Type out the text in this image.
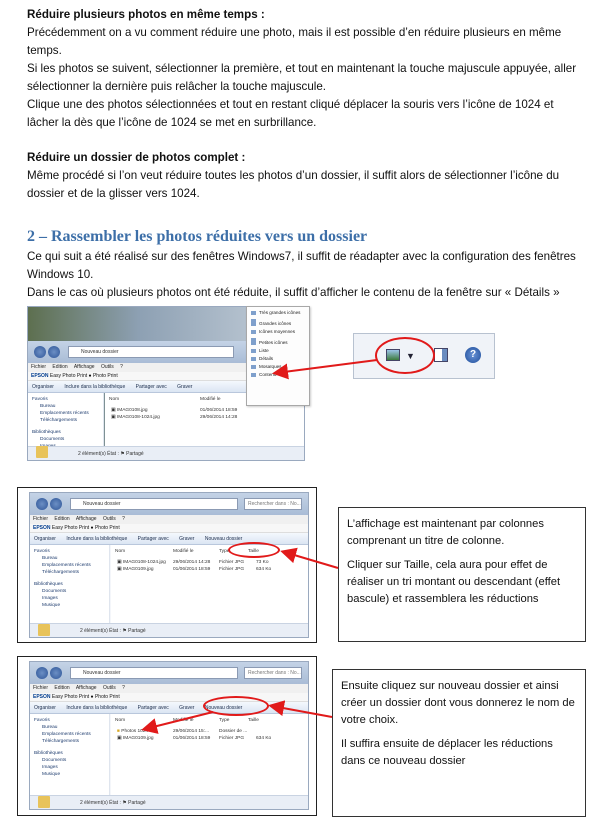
Réduire plusieurs photos en même temps :
Précédemment on a vu comment réduire une photo, mais il est possible d’en réduire plusieurs en même
temps.
Si les photos se suivent, sélectionner la première, et tout en maintenant la touche majuscule appuyée, aller
sélectionner la dernière puis relâcher la touche majuscule.
Clique une des photos sélectionnées et tout en restant cliqué déplacer la souris vers l’icône de 1024 et
lâcher la dès que l’icône de 1024 se met en surbrillance.
Réduire un dossier de photos complet :
Même procédé si l’on veut réduire toutes les photos d’un dossier, il suffit alors de sélectionner l’icône du
dossier et de la glisser vers 1024.
2 – Rassembler les photos réduites vers un dossier
Ce qui suit a été réalisé sur des fenêtres Windows7, il suffit de réadapter avec la configuration des fenêtres
Windows 10.
Dans le cas où plusieurs photos ont été réduite, il suffit d’afficher le contenu de la fenêtre sur « Détails »
Nouveau dossier
Fichier Edition Affichage Outils ?
EPSON Easy Photo Print ● Photo Print
Organiser Inclure dans la bibliothèque Partager avec Graver
Favoris
Bureau
Emplacements récents
Téléchargements
Bibliothèques
Documents
Nom	Modifié le
▣ IMAG0108.jpg	01/06/2014 18:59
▣ IMAG0108-1024.jpg	29/06/2014 14:28
2 élément(s) État : ⚑ Partagé
Très grandes icônes
Grandes icônes
Icônes moyennes
Petites icônes
Liste
Détails
Mosaïques
Contenu
▼	?
Nouveau dossier	Rechercher dans : No...
Fichier Edition Affichage Outils ?
EPSON Easy Photo Print ● Photo Print
Organiser Inclure dans la bibliothèque Partager avec Graver Nouveau dossier
Favoris
Bureau
Emplacements récents
Téléchargements
Bibliothèques
Documents
Images
Musique
Nom	Modifié le	Type	Taille
▣ IMAG0108-1024.jpg 29/06/2014 14:28 Fichier JPG 73 Ko
▣ IMAG0109.jpg	01/06/2014 18:59 Fichier JPG 634 Ko
2 élément(s) État : ⚑ Partagé

L’affichage est maintenant par colonnes comprenant un titre de colonne.

Cliquer sur Taille, cela aura pour effet de réaliser un tri montant ou descendant (effet bascule) et rassemblera les réductions

Nouveau dossier	Rechercher dans : No...
Fichier Edition Affichage Outils ?
EPSON Easy Photo Print ● Photo Print
Organiser Inclure dans la bibliothèque Partager avec Graver Nouveau dossier
Favoris
Bureau
Emplacements récents
Téléchargements
Bibliothèques
Documents
Images
Musique
Nom	Modifié le	Type	Taille
■ Photos 1024	29/06/2014 15:... Dossier de ...
▣ IMAG0109.jpg	01/06/2014 18:59 Fichier JPG 634 Ko
2 élément(s) État : ⚑ Partagé

Ensuite cliquez sur nouveau dossier et ainsi créer un dossier dont vous donnerez le nom de votre choix.

Il suffira ensuite de déplacer les réductions dans ce nouveau dossier
